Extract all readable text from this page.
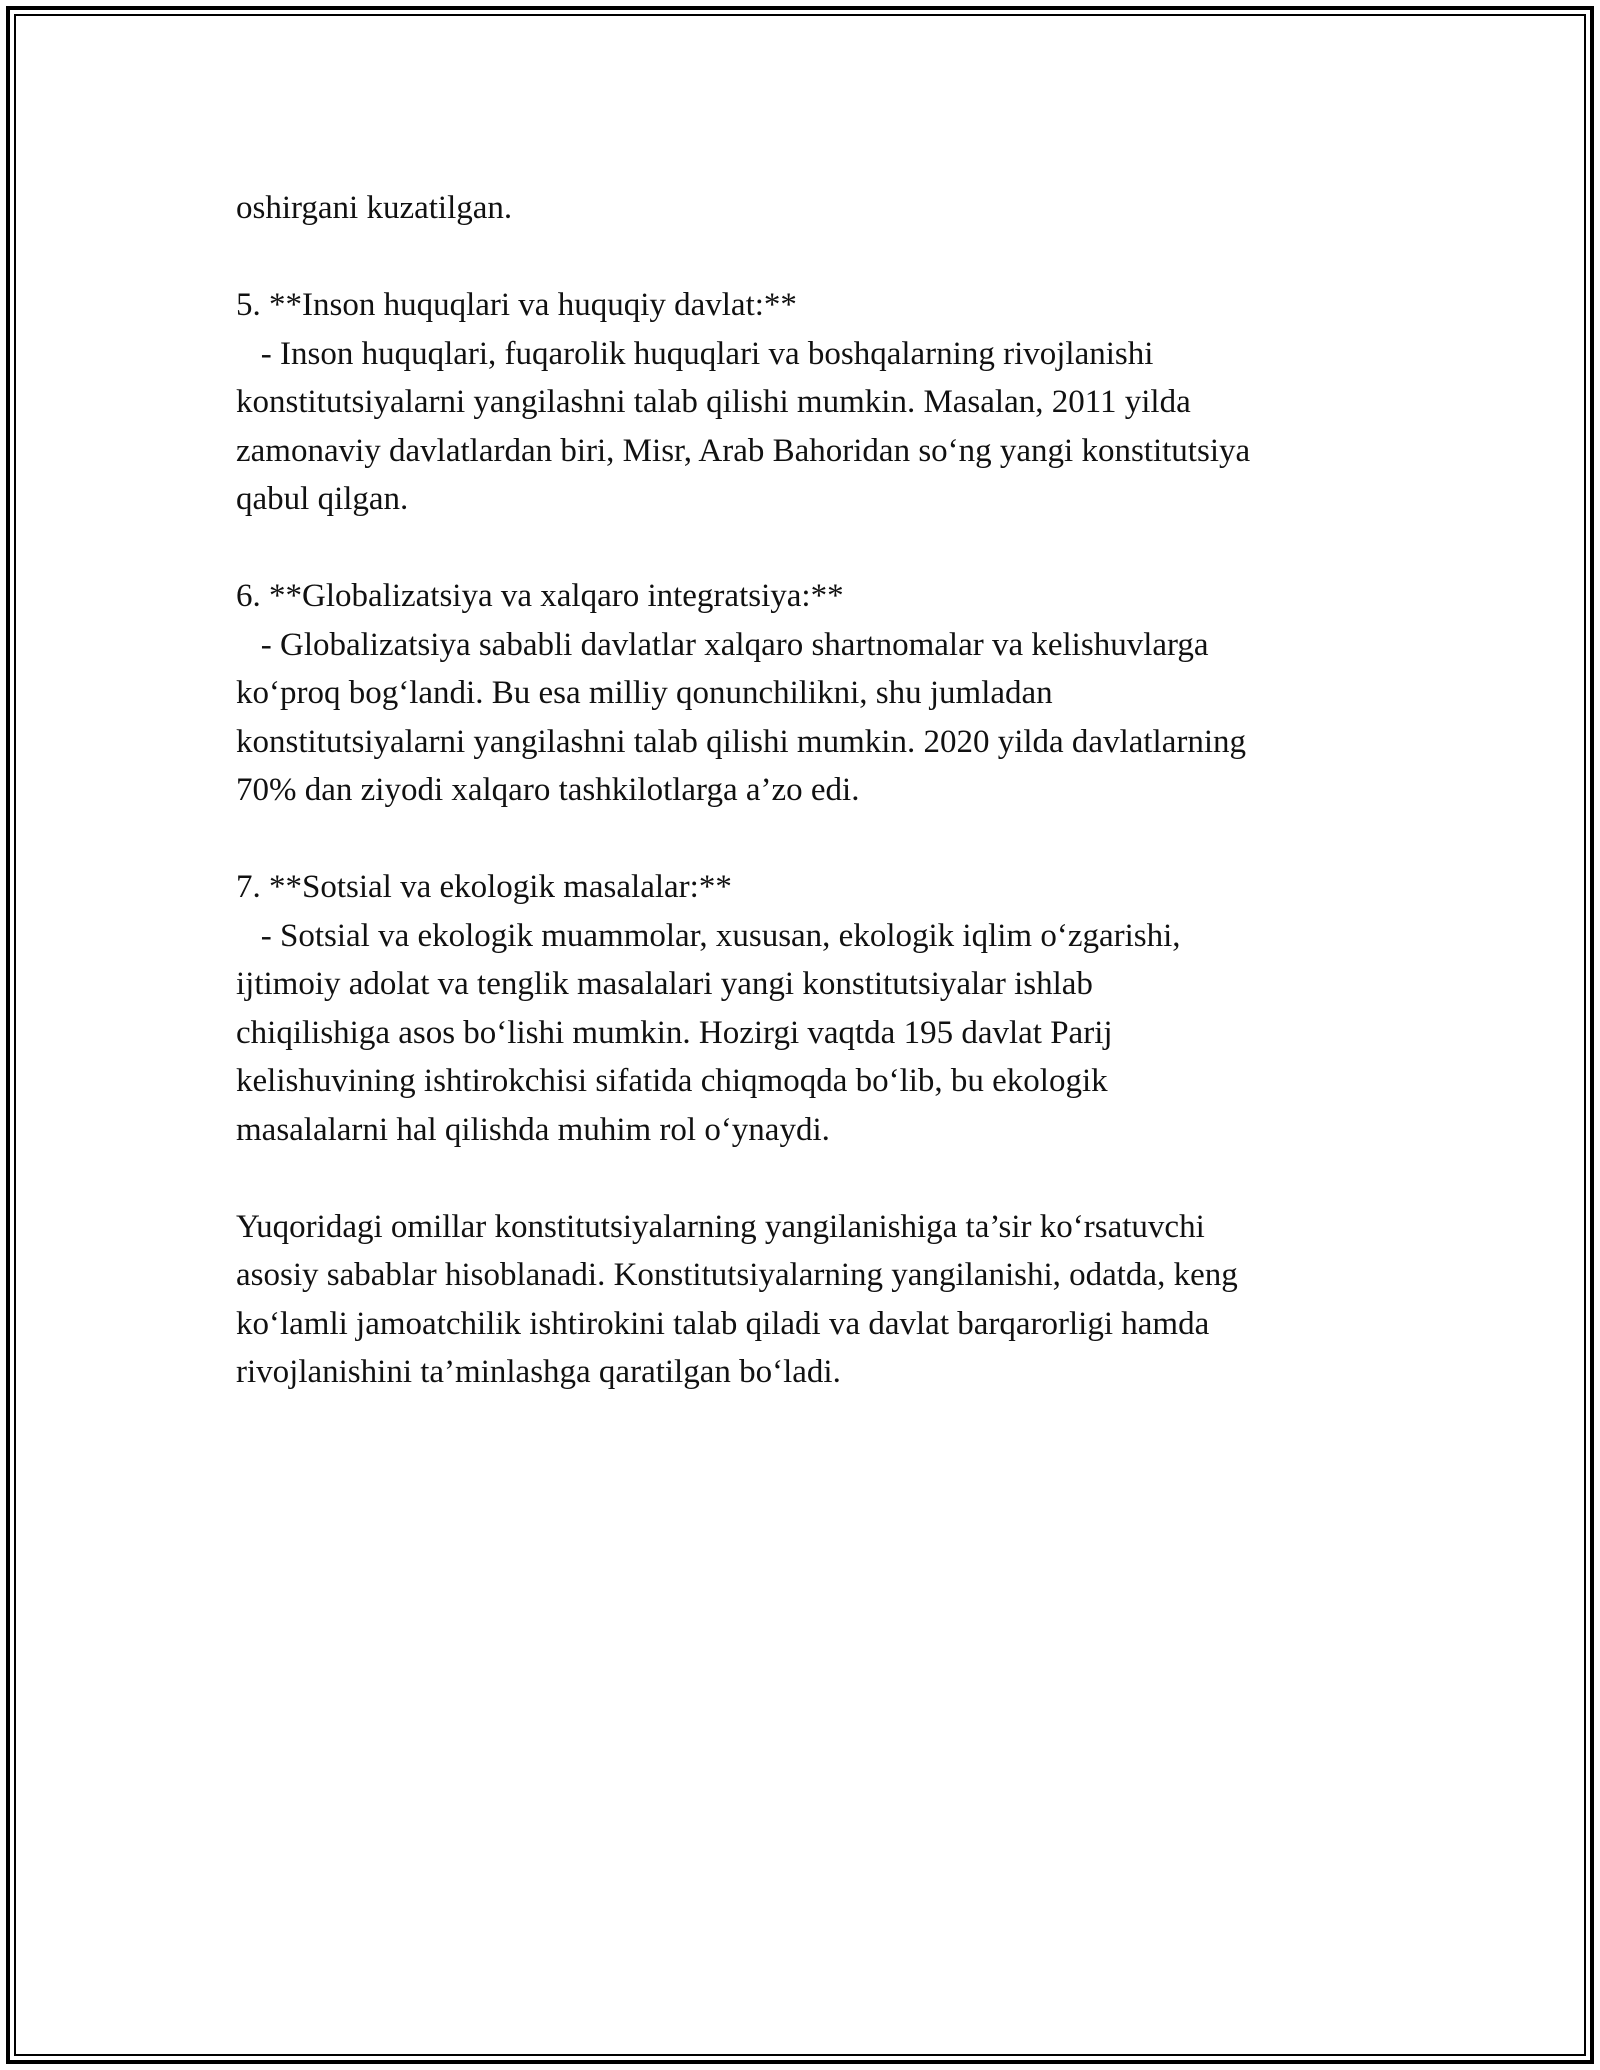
oshirgani kuzatilgan.
5. **Inson huquqlari va huquqiy davlat:**
- Inson huquqlari, fuqarolik huquqlari va boshqalarning rivojlanishi
konstitutsiyalarni yangilashni talab qilishi mumkin. Masalan, 2011 yilda
zamonaviy davlatlardan biri, Misr, Arab Bahoridan so‘ng yangi konstitutsiya
qabul qilgan.
6. **Globalizatsiya va xalqaro integratsiya:**
- Globalizatsiya sababli davlatlar xalqaro shartnomalar va kelishuvlarga
ko‘proq bog‘landi. Bu esa milliy qonunchilikni, shu jumladan
konstitutsiyalarni yangilashni talab qilishi mumkin. 2020 yilda davlatlarning
70% dan ziyodi xalqaro tashkilotlarga a’zo edi.
7. **Sotsial va ekologik masalalar:**
- Sotsial va ekologik muammolar, xususan, ekologik iqlim o‘zgarishi,
ijtimoiy adolat va tenglik masalalari yangi konstitutsiyalar ishlab
chiqilishiga asos bo‘lishi mumkin. Hozirgi vaqtda 195 davlat Parij
kelishuvining ishtirokchisi sifatida chiqmoqda bo‘lib, bu ekologik
masalalarni hal qilishda muhim rol o‘ynaydi.
Yuqoridagi omillar konstitutsiyalarning yangilanishiga ta’sir ko‘rsatuvchi
asosiy sabablar hisoblanadi. Konstitutsiyalarning yangilanishi, odatda, keng
ko‘lamli jamoatchilik ishtirokini talab qiladi va davlat barqarorligi hamda
rivojlanishini ta’minlashga qaratilgan bo‘ladi.
